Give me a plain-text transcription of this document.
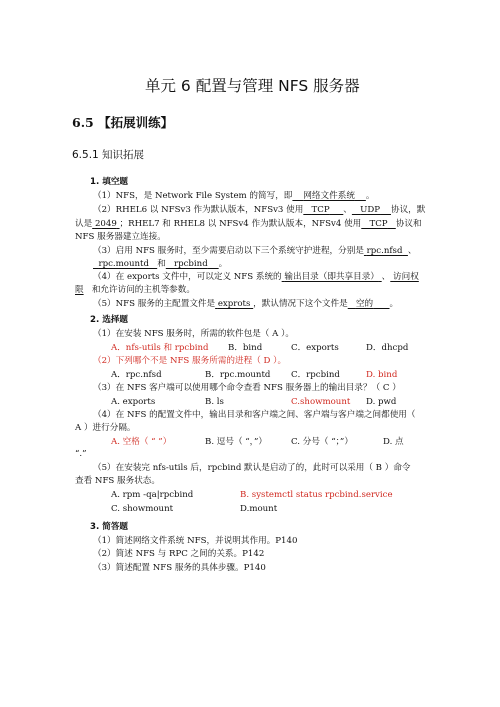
单元 6 配置与管理 NFS 服务器
6.5 【拓展训练】
6.5.1 知识拓展
1. 填空题
（1）NFS，是 Network File System 的简写，即 网络文件系统 。
（2）RHEL6 以 NFSv3 作为默认版本，NFSv3 使用 TCP 、 UDP 协议，默
认是 2049 ；RHEL7 和 RHEL8 以 NFSv4 作为默认版本，NFSv4 使用 TCP 协议和
NFS 服务器建立连接。
（3）启用 NFS 服务时，至少需要启动以下三个系统守护进程，分别是 rpc.nfsd 、
rpc.mountd 和 rpcbind 。
（4）在 exports 文件中，可以定义 NFS 系统的 输出目录（即共享目录） 、 访问权
限 和允许访问的主机等参数。
（5）NFS 服务的主配置文件是 exprots ，默认情况下这个文件是 空的 。
2. 选择题
（1）在安装 NFS 服务时，所需的软件包是（ A ）。
A．nfs-utils 和 rpcbind B．bind	C．exports	D．dhcpd
（2）下列哪个不是 NFS 服务所需的进程（ D ）。
A．rpc.nfsd	B．rpc.mountd C．rpcbind	D. bind
（3）在 NFS 客户端可以使用哪个命令查看 NFS 服务器上的输出目录？（ C ）
A. exports	B. ls	C.showmount D. pwd
（4）在 NFS 的配置文件中，输出目录和客户端之间、客户端与客户端之间都使用（
A ）进行分隔。
A. 空格（ “ ”）	B. 逗号（ “，”）	C. 分号（ “；”）	D. 点
“.”
（5）在安装完 nfs-utils 后，rpcbind 默认是启动了的，此时可以采用（ B ）命令
查看 NFS 服务状态。
A. rpm -qa|rpcbind	B. systemctl status rpcbind.service
C. showmount	D.mount
3. 简答题
（1）简述网络文件系统 NFS，并说明其作用。P140
（2）简述 NFS 与 RPC 之间的关系。P142
（3）简述配置 NFS 服务的具体步骤。P140
